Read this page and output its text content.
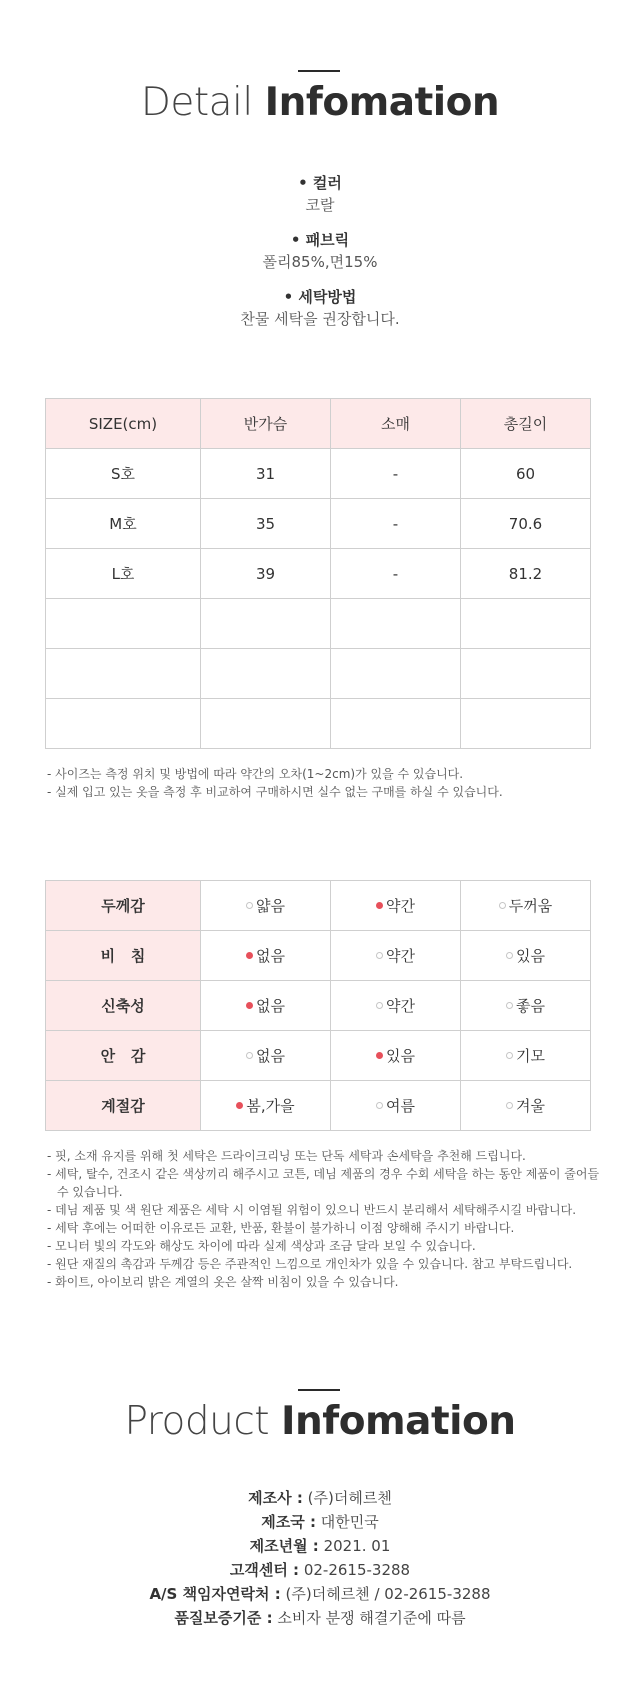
Detail Infomation
• 컬러
코랄
• 패브릭
폴리85%,면15%
• 세탁방법
찬물 세탁을 권장합니다.
SIZE(cm)	반가슴	소매	총길이
S호	31	-	60
M호	35	-	70.6
L호	39	-	81.2

- 사이즈는 측정 위치 및 방법에 따라 약간의 오차(1~2cm)가 있을 수 있습니다.
- 실제 입고 있는 옷을 측정 후 비교하여 구매하시면 실수 없는 구매를 하실 수 있습니다.
두께감	얇음	약간	두꺼움
비   침	없음	약간	있음
신축성	없음	약간	좋음
안   감	없음	있음	기모
계절감	봄,가을	여름	겨울
- 핏, 소재 유지를 위해 첫 세탁은 드라이크리닝 또는 단독 세탁과 손세탁을 추천해 드립니다.
- 세탁, 탈수, 건조시 같은 색상끼리 해주시고 코튼, 데님 제품의 경우 수회 세탁을 하는 동안 제품이 줄어들 수 있습니다.
- 데님 제품 및 색 원단 제품은 세탁 시 이염될 위험이 있으니 반드시 분리해서 세탁해주시길 바랍니다.
- 세탁 후에는 어떠한 이유로든 교환, 반품, 환불이 불가하니 이점 양해해 주시기 바랍니다.
- 모니터 빛의 각도와 해상도 차이에 따라 실제 색상과 조금 달라 보일 수 있습니다.
- 원단 재질의 촉감과 두께감 등은 주관적인 느낌으로 개인차가 있을 수 있습니다. 참고 부탁드립니다.
- 화이트, 아이보리 밝은 계열의 옷은 살짝 비침이 있을 수 있습니다.
Product Infomation
제조사 : (주)더헤르첸
제조국 : 대한민국
제조년월 : 2021. 01
고객센터 : 02-2615-3288
A/S 책임자연락처 : (주)더헤르첸 / 02-2615-3288
품질보증기준 : 소비자 분쟁 해결기준에 따름
